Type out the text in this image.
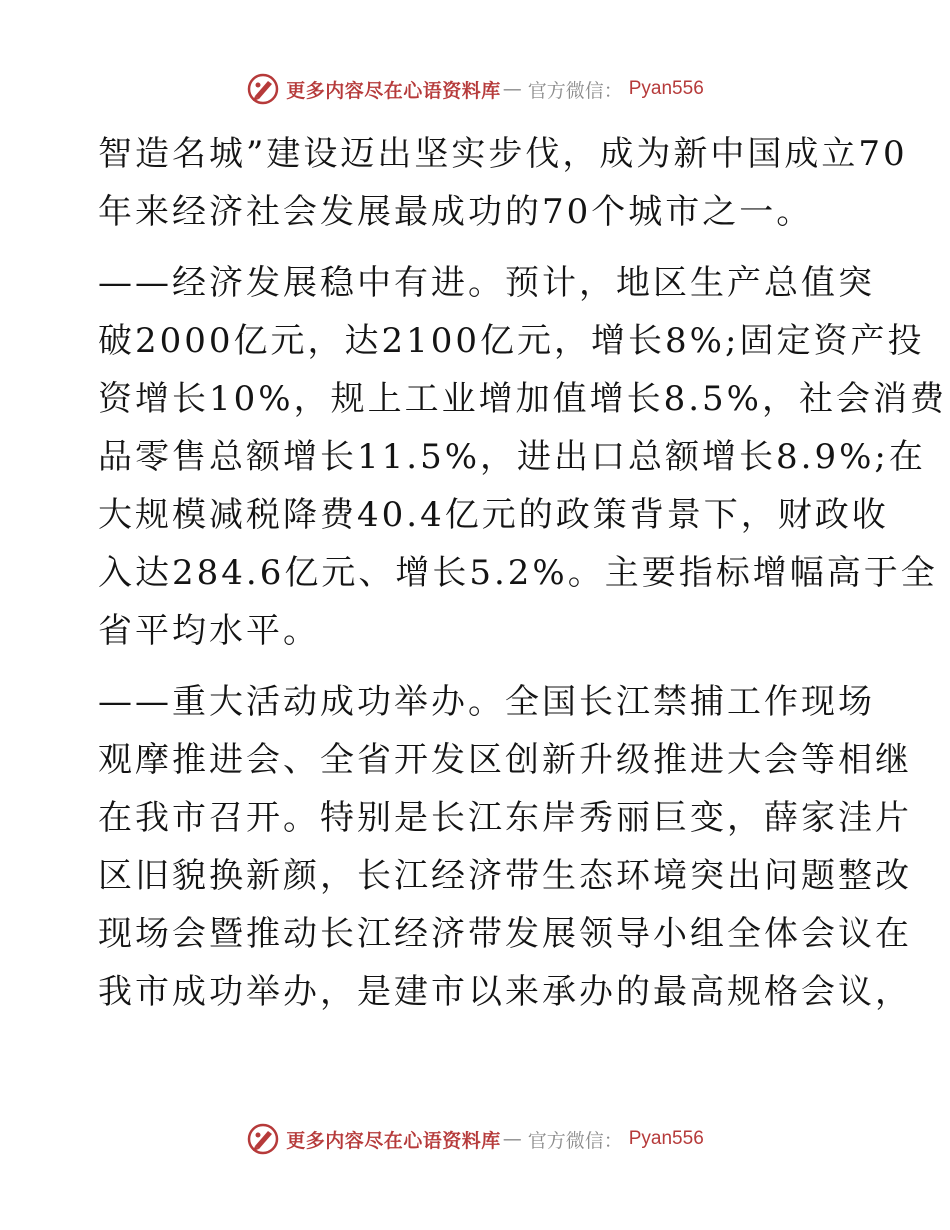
更多内容尽在心语资料库 — 官方微信： Pyan556
智造名城”建设迈出坚实步伐，成为新中国成立70
年来经济社会发展最成功的70个城市之一。
——经济发展稳中有进。预计，地区生产总值突
破2000亿元，达2100亿元，增长8%;固定资产投
资增长10%，规上工业增加值增长8.5%，社会消费
品零售总额增长11.5%，进出口总额增长8.9%;在
大规模减税降费40.4亿元的政策背景下，财政收
入达284.6亿元、增长5.2%。主要指标增幅高于全
省平均水平。
——重大活动成功举办。全国长江禁捕工作现场
观摩推进会、全省开发区创新升级推进大会等相继
在我市召开。特别是长江东岸秀丽巨变，薛家洼片
区旧貌换新颜，长江经济带生态环境突出问题整改
现场会暨推动长江经济带发展领导小组全体会议在
我市成功举办，是建市以来承办的最高规格会议，
更多内容尽在心语资料库 — 官方微信： Pyan556
